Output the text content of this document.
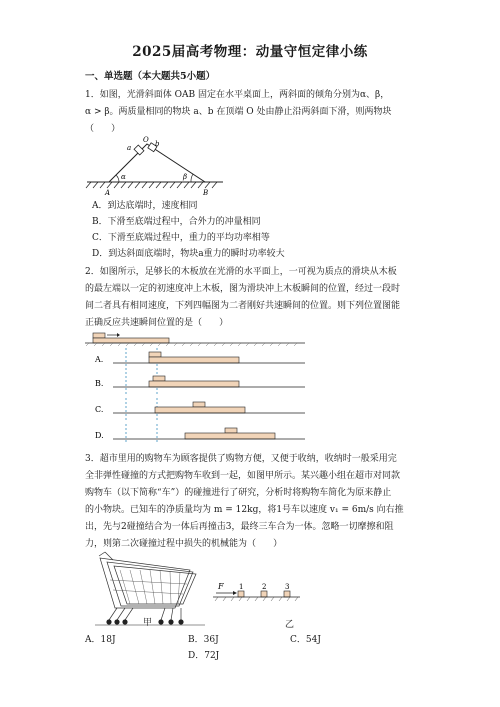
2025届高考物理：动量守恒定律小练
一、单选题（本大题共5小题）
1．如图，光滑斜面体 OAB 固定在水平桌面上，两斜面的倾角分别为α、β，
α > β。两质量相同的物块 a、b 在顶端 O 处由静止沿两斜面下滑，则两物块
（      ）
O
a	b
α	β
A	B
A．到达底端时，速度相同
B．下滑至底端过程中，合外力的冲量相同
C．下滑至底端过程中，重力的平均功率相等
D．到达斜面底端时，物块a重力的瞬时功率较大
2．如图所示，足够长的木板放在光滑的水平面上，一可视为质点的滑块从木板
的最左端以一定的初速度冲上木板，图为滑块冲上木板瞬间的位置，经过一段时
间二者具有相同速度，下列四幅图为二者刚好共速瞬间的位置。则下列位置图能
正确反应共速瞬间位置的是（      ）
A.
B.
C.
D.
3．超市里用的购物车为顾客提供了购物方便，又便于收纳，收纳时一般采用完
全非弹性碰撞的方式把购物车收到一起，如图甲所示。某兴趣小组在超市对同款
购物车（以下简称“车”）的碰撞进行了研究，分析时将购物车简化为原来静止
的小物块。已知车的净质量均为 m = 12kg，将1号车以速度 v₁ = 6m/s 向右推
出，先与2碰撞结合为一体后再撞击3，最终三车合为一体。忽略一切摩擦和阻
力，则第二次碰撞过程中损失的机械能为（      ）
甲
F 1	2	3
乙
A．18J	B．36J	C．54J
D．72J
